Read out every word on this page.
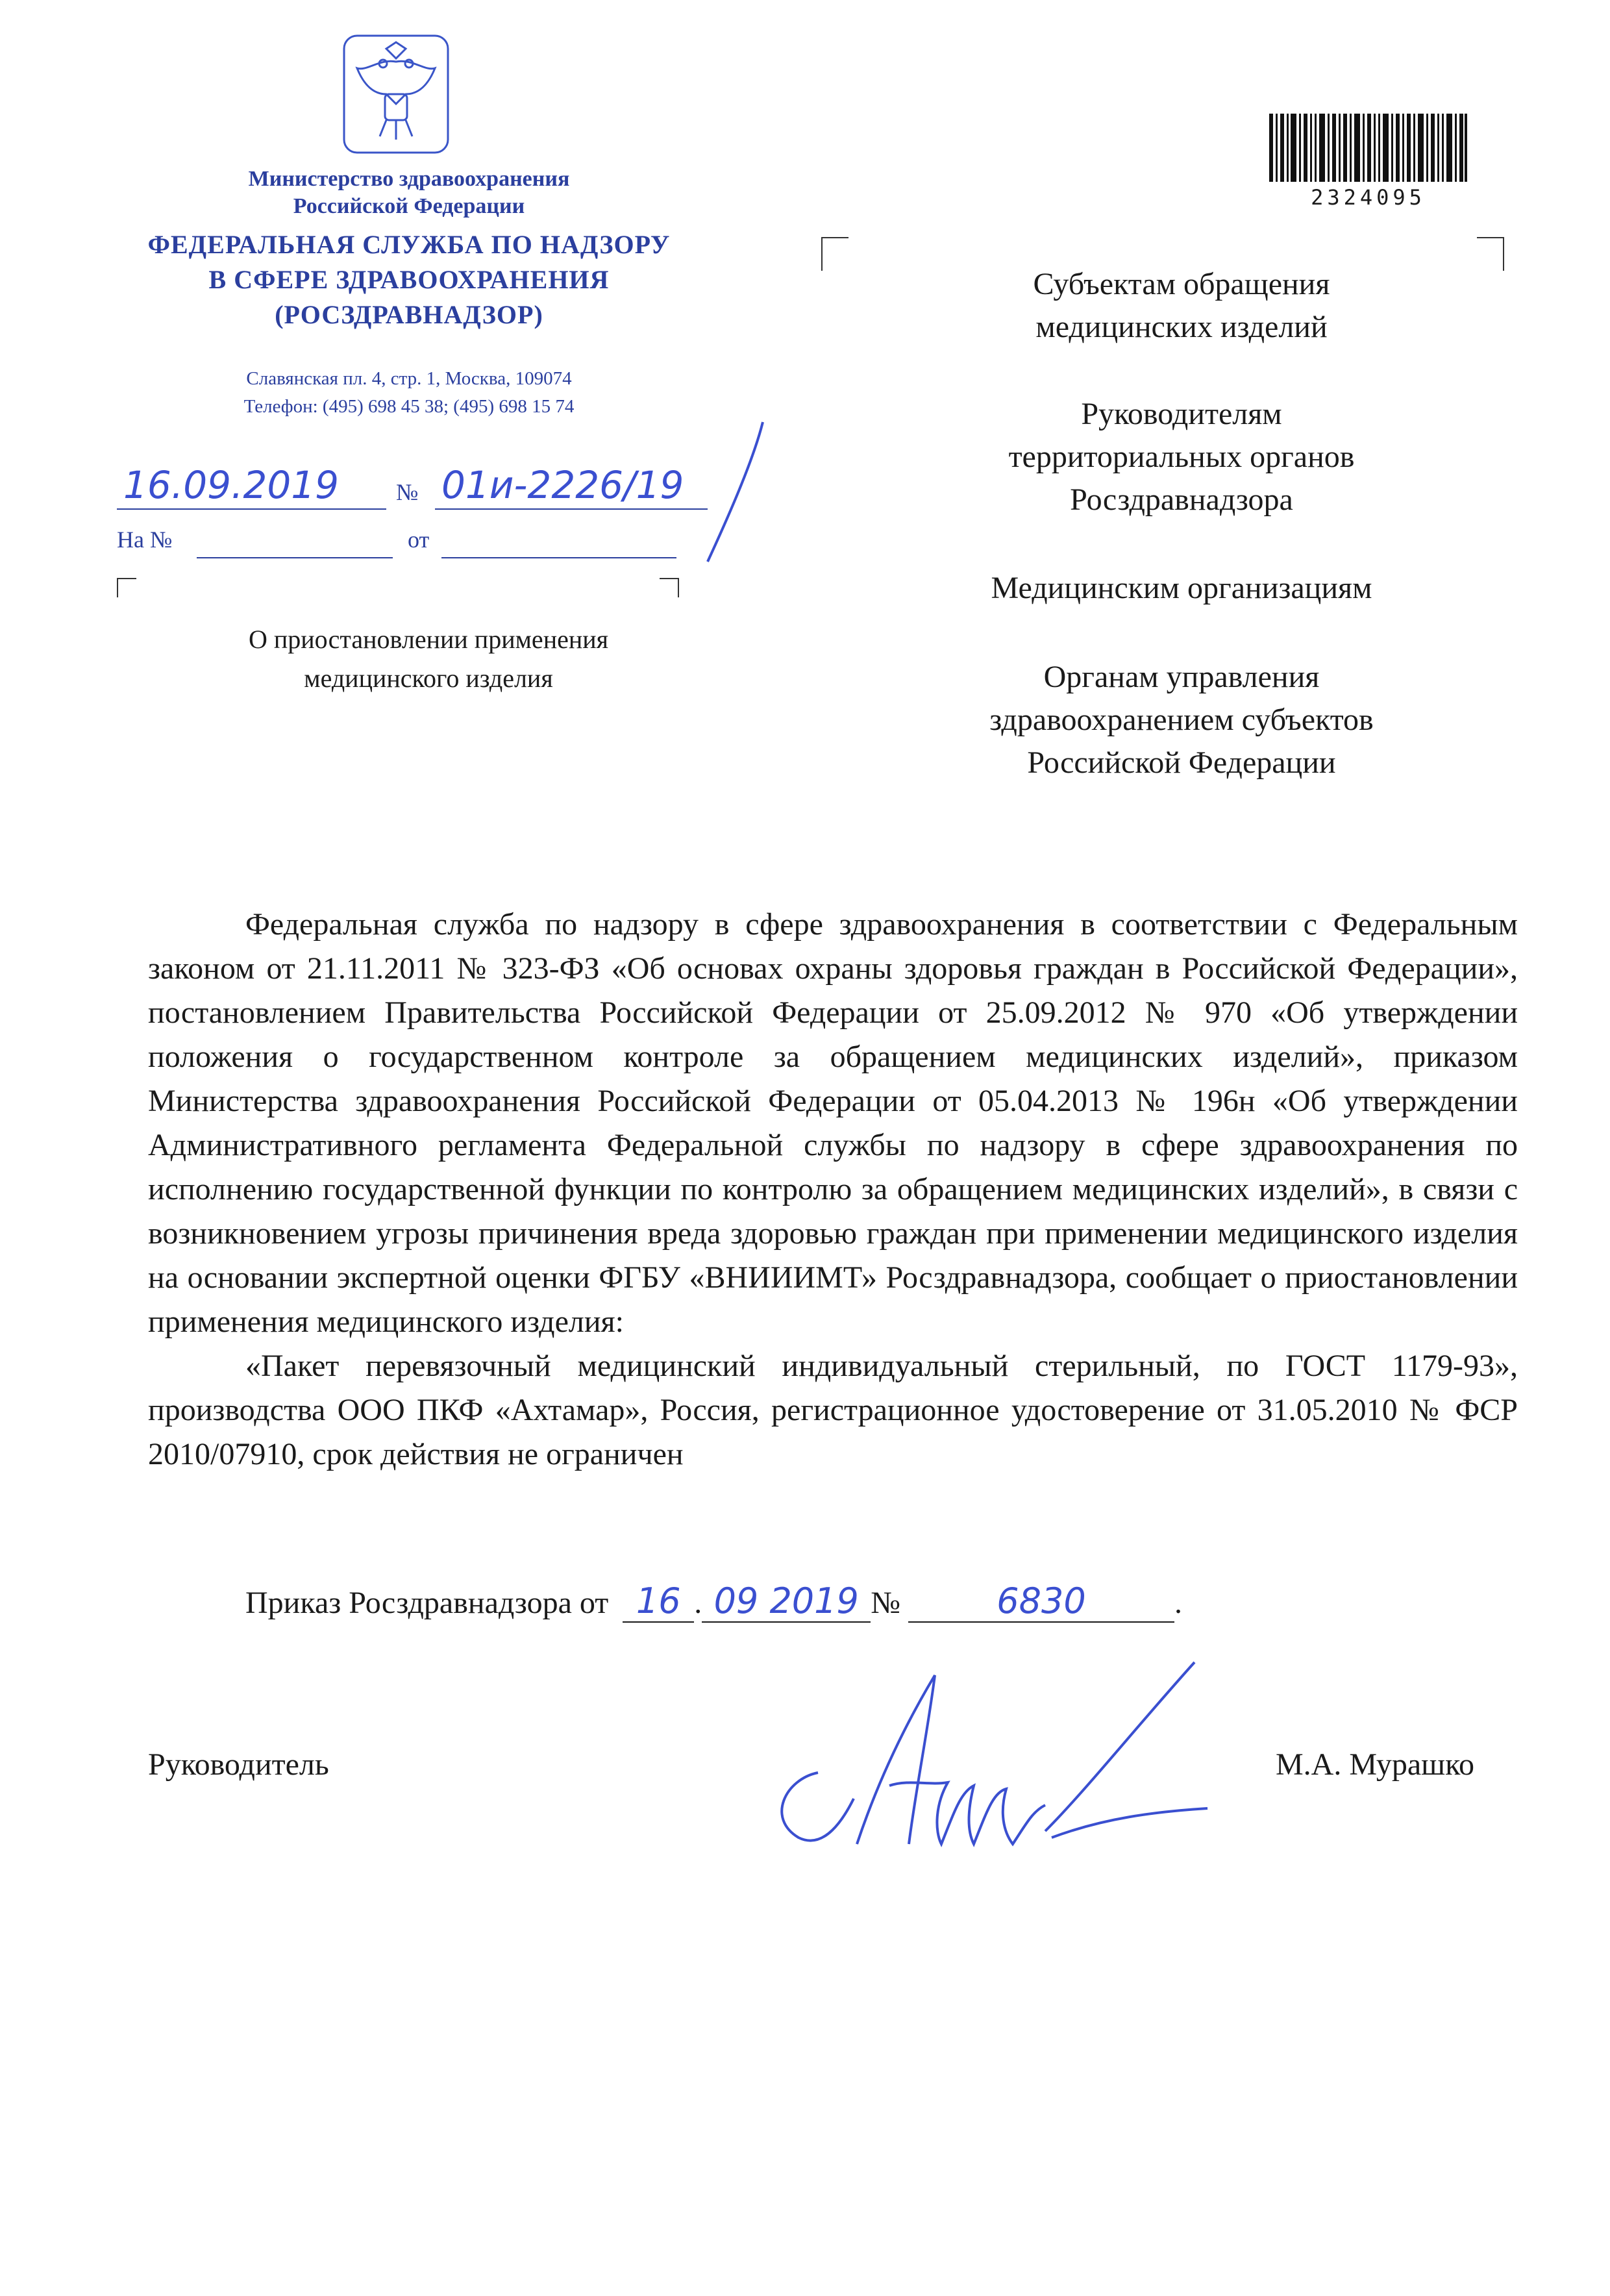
Министерство здравоохранения
Российской Федерации
ФЕДЕРАЛЬНАЯ СЛУЖБА ПО НАДЗОРУ
В СФЕРЕ ЗДРАВООХРАНЕНИЯ
(РОСЗДРАВНАДЗОР)
Славянская пл. 4, стр. 1, Москва, 109074
Телефон: (495) 698 45 38; (495) 698 15 74
16.09.2019 № 01и-2226/19
На №	от
О приостановлении применения
медицинского изделия
2324095
Субъектам обращения
медицинских изделий
Руководителям
территориальных органов
Росздравнадзора
Медицинским организациям
Органам управления
здравоохранением субъектов
Российской Федерации

Федеральная служба по надзору в сфере здравоохранения в соответствии с Федеральным законом от 21.11.2011 № 323-ФЗ «Об основах охраны здоровья граждан в Российской Федерации», постановлением Правительства Российской Федерации от 25.09.2012 № 970 «Об утверждении положения о государственном контроле за обращением медицинских изделий», приказом Министерства здравоохранения Российской Федерации от 05.04.2013 № 196н «Об утверждении Административного регламента Федеральной службы по надзору в сфере здравоохранения по исполнению государственной функции по контролю за обращением медицинских изделий», в связи с возникновением угрозы причинения вреда здоровью граждан при применении медицинского изделия на основании экспертной оценки ФГБУ «ВНИИИМТ» Росздравнадзора, сообщает о приостановлении применения медицинского изделия:

«Пакет перевязочный медицинский индивидуальный стерильный, по ГОСТ 1179-93», производства ООО ПКФ «Ахтамар», Россия, регистрационное удостоверение от 31.05.2010 № ФСР 2010/07910, срок действия не ограничен

Приказ Росздравнадзора от 16 . 09 2019 №	6830	.
Руководитель	М.А. Мурашко
